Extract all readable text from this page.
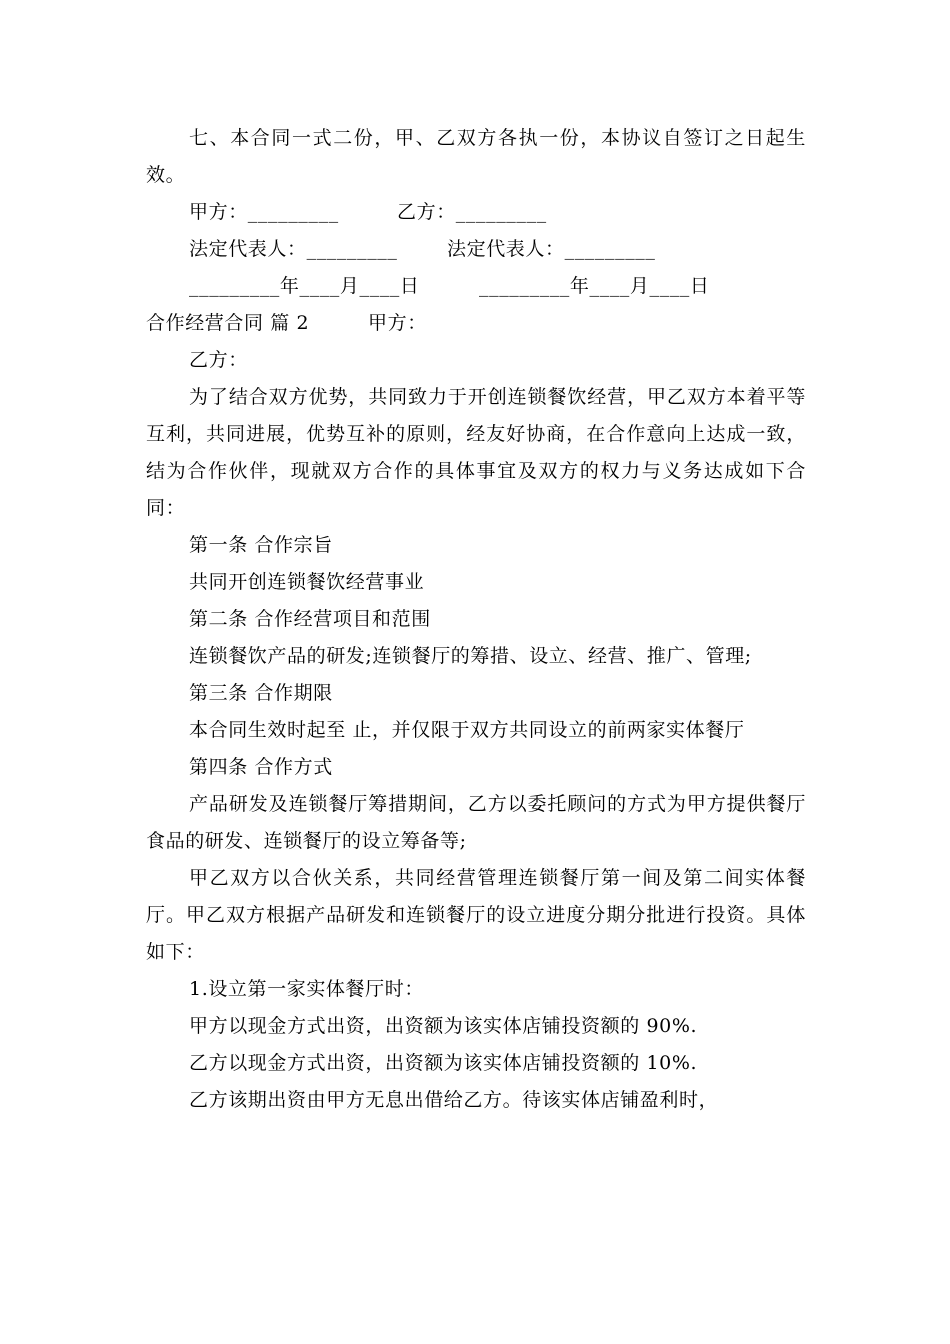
七、本合同一式二份，甲、乙双方各执一份，本协议自签订之日起生效。

甲方：_________	乙方：_________
法定代表人：_________	法定代表人：_________
_________年____月____日	_________年____月____日
合作经营合同 篇 2	甲方：

乙方：

为了结合双方优势，共同致力于开创连锁餐饮经营，甲乙双方本着平等互利，共同进展，优势互补的原则，经友好协商，在合作意向上达成一致，结为合作伙伴，现就双方合作的具体事宜及双方的权力与义务达成如下合同：

第一条 合作宗旨

共同开创连锁餐饮经营事业

第二条 合作经营项目和范围

连锁餐饮产品的研发;连锁餐厅的筹措、设立、经营、推广、管理;

第三条 合作期限

本合同生效时起至 止，并仅限于双方共同设立的前两家实体餐厅

第四条 合作方式

产品研发及连锁餐厅筹措期间，乙方以委托顾问的方式为甲方提供餐厅食品的研发、连锁餐厅的设立筹备等;

甲乙双方以合伙关系，共同经营管理连锁餐厅第一间及第二间实体餐厅。甲乙双方根据产品研发和连锁餐厅的设立进度分期分批进行投资。具体如下：

1.设立第一家实体餐厅时：

甲方以现金方式出资，出资额为该实体店铺投资额的 90%.

乙方以现金方式出资，出资额为该实体店铺投资额的 10%.

乙方该期出资由甲方无息出借给乙方。待该实体店铺盈利时，
